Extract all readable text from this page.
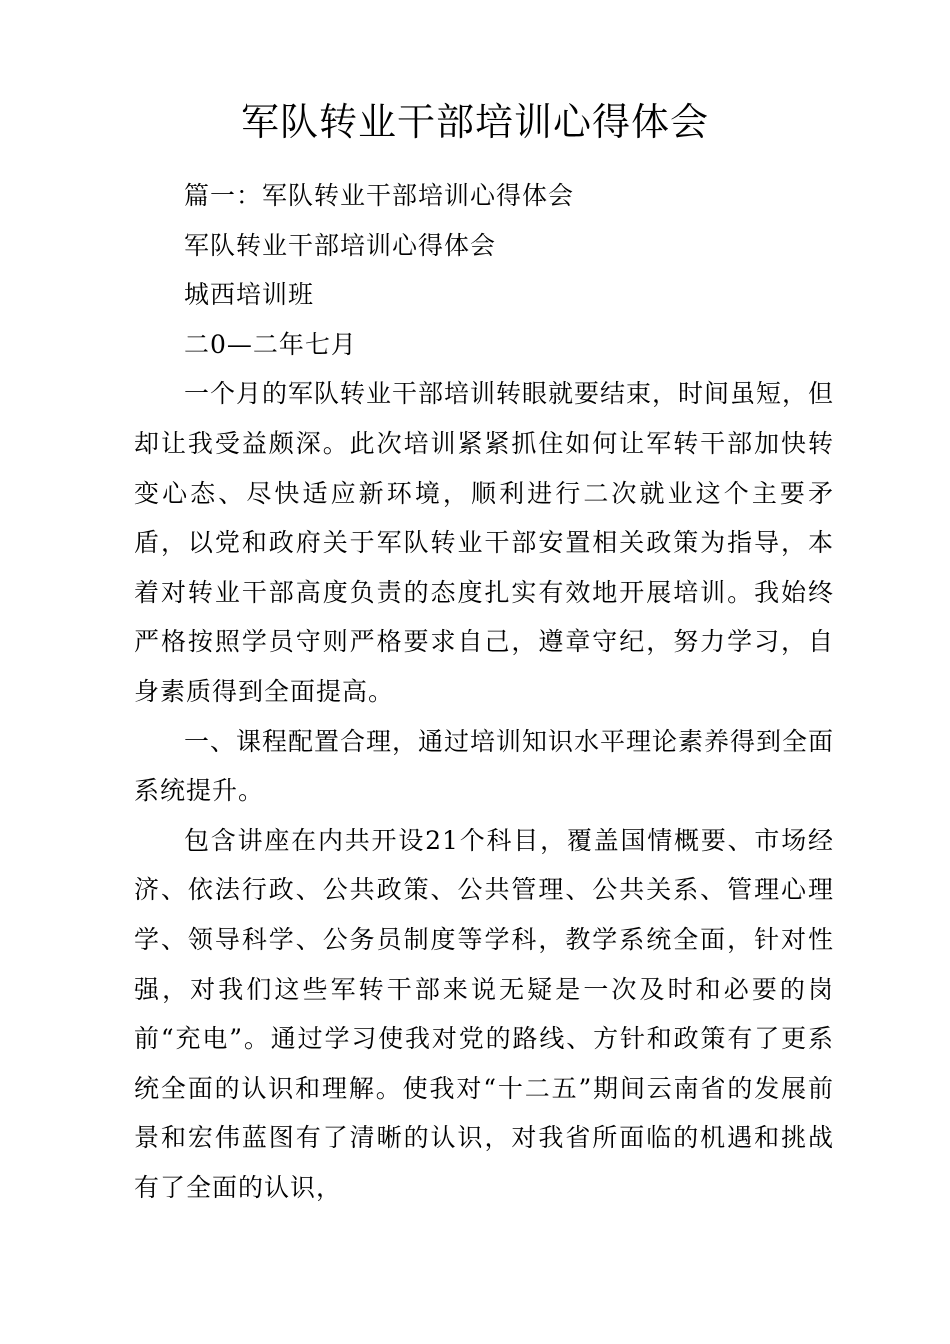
军队转业干部培训心得体会

篇一：军队转业干部培训心得体会

军队转业干部培训心得体会

城西培训班

二0—二年七月

一个月的军队转业干部培训转眼就要结束，时间虽短，但却让我受益颇深。此次培训紧紧抓住如何让军转干部加快转变心态、尽快适应新环境，顺利进行二次就业这个主要矛盾，以党和政府关于军队转业干部安置相关政策为指导，本着对转业干部高度负责的态度扎实有效地开展培训。我始终严格按照学员守则严格要求自己，遵章守纪，努力学习，自身素质得到全面提高。

一、课程配置合理，通过培训知识水平理论素养得到全面系统提升。

包含讲座在内共开设21个科目，覆盖国情概要、市场经济、依法行政、公共政策、公共管理、公共关系、管理心理学、领导科学、公务员制度等学科，教学系统全面，针对性强，对我们这些军转干部来说无疑是一次及时和必要的岗前“充电”。通过学习使我对党的路线、方针和政策有了更系统全面的认识和理解。使我对“十二五”期间云南省的发展前景和宏伟蓝图有了清晰的认识，对我省所面临的机遇和挑战有了全面的认识，
